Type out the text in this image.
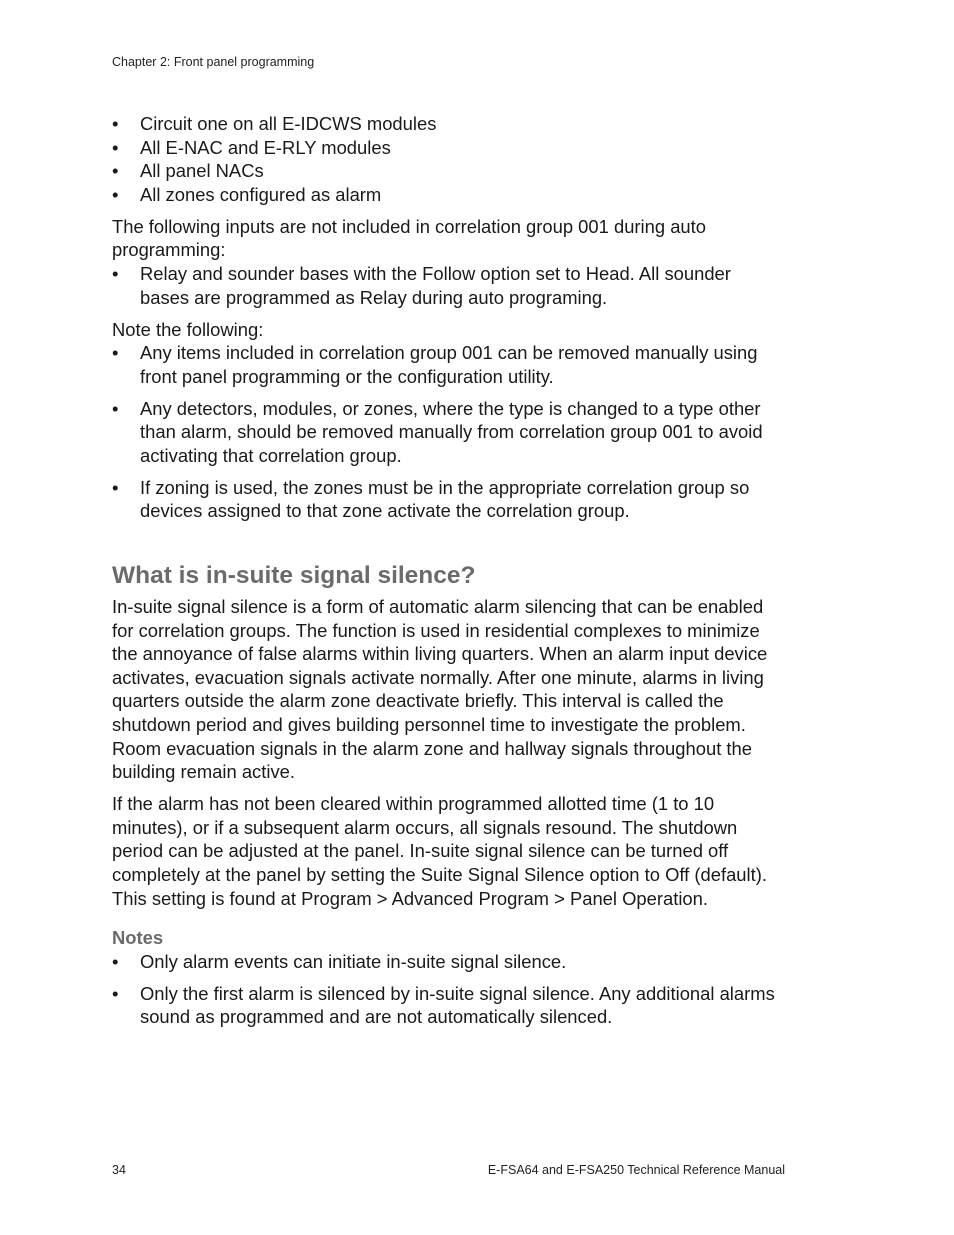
Chapter 2: Front panel programming
• Circuit one on all E-IDCWS modules
• All E-NAC and E-RLY modules
• All panel NACs
• All zones configured as alarm

The following inputs are not included in correlation group 001 during auto programming:

• Relay and sounder bases with the Follow option set to Head. All sounder bases are programmed as Relay during auto programing.

Note the following:

• Any items included in correlation group 001 can be removed manually using front panel programming or the configuration utility.
• Any detectors, modules, or zones, where the type is changed to a type other than alarm, should be removed manually from correlation group 001 to avoid activating that correlation group.
• If zoning is used, the zones must be in the appropriate correlation group so devices assigned to that zone activate the correlation group.
What is in-suite signal silence?

In-suite signal silence is a form of automatic alarm silencing that can be enabled for correlation groups. The function is used in residential complexes to minimize the annoyance of false alarms within living quarters. When an alarm input device activates, evacuation signals activate normally. After one minute, alarms in living quarters outside the alarm zone deactivate briefly. This interval is called the shutdown period and gives building personnel time to investigate the problem. Room evacuation signals in the alarm zone and hallway signals throughout the building remain active.

If the alarm has not been cleared within programmed allotted time (1 to 10 minutes), or if a subsequent alarm occurs, all signals resound. The shutdown period can be adjusted at the panel. In-suite signal silence can be turned off completely at the panel by setting the Suite Signal Silence option to Off (default). This setting is found at Program > Advanced Program > Panel Operation.

Notes
• Only alarm events can initiate in-suite signal silence.
• Only the first alarm is silenced by in-suite signal silence. Any additional alarms sound as programmed and are not automatically silenced.
34	E-FSA64 and E-FSA250 Technical Reference Manual
